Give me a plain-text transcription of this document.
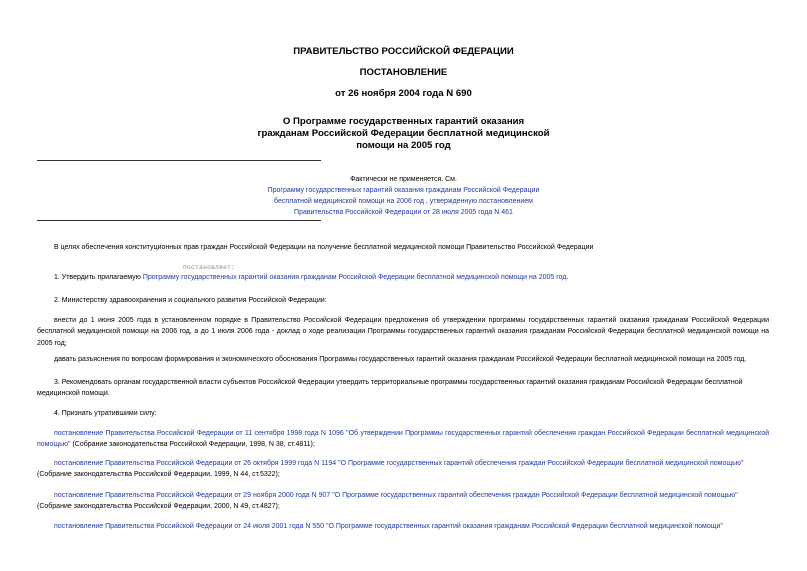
ПРАВИТЕЛЬСТВО РОССИЙСКОЙ ФЕДЕРАЦИИ
ПОСТАНОВЛЕНИЕ
от 26 ноября 2004 года N 690
О Программе государственных гарантий оказания
гражданам Российской Федерации бесплатной медицинской
помощи на 2005 год
Фактически не применяется. См.
Программу государственных гарантий оказания гражданам Российской Федерации
бесплатной медицинской помощи на 2006 год , утвержденную постановлением
Правительства Российской Федерации от 28 июля 2005 года N 461
В целях обеспечения конституционных прав граждан Российской Федерации на получение бесплатной медицинской помощи Правительство Российской Федерации
постановляет:
1. Утвердить прилагаемую Программу государственных гарантий оказания гражданам Российской Федерации бесплатной медицинской помощи на 2005 год.
2. Министерству здравоохранения и социального развития Российской Федерации:
внести до 1 июня 2005 года в установленном порядке в Правительство Российской Федерации предложения об утверждении программы государственных гарантий оказания гражданам Российской Федерации бесплатной медицинской помощи на 2006 год, а до 1 июля 2006 года - доклад о ходе реализации Программы государственных гарантий оказания гражданам Российской Федерации бесплатной медицинской помощи на 2005 год;
давать разъяснения по вопросам формирования и экономического обоснования Программы государственных гарантий оказания гражданам Российской Федерации бесплатной медицинской помощи на 2005 год.
3. Рекомендовать органам государственной власти субъектов Российской Федерации утвердить территориальные программы государственных гарантий оказания гражданам Российской Федерации бесплатной медицинской помощи.
4. Признать утратившими силу:
постановление Правительства Российской Федерации от 11 сентября 1998 года N 1096 "Об утверждении Программы государственных гарантий обеспечения граждан Российской Федерации бесплатной медицинской помощью" (Собрание законодательства Российской Федерации, 1998, N 38, ст.4811);
постановление Правительства Российской Федерации от 26 октября 1999 года N 1194 "О Программе государственных гарантий обеспечения граждан Российской Федерации бесплатной медицинской помощью" (Собрание законодательства Российской Федерации, 1999, N 44, ст.5322);
постановление Правительства Российской Федерации от 29 ноября 2000 года N 907 "О Программе государственных гарантий обеспечения граждан Российской Федерации бесплатной медицинской помощью" (Собрание законодательства Российской Федерации, 2000, N 49, ст.4827);
постановление Правительства Российской Федерации от 24 июля 2001 года N 550 "О Программе государственных гарантий оказания гражданам Российской Федерации бесплатной медицинской помощи"
